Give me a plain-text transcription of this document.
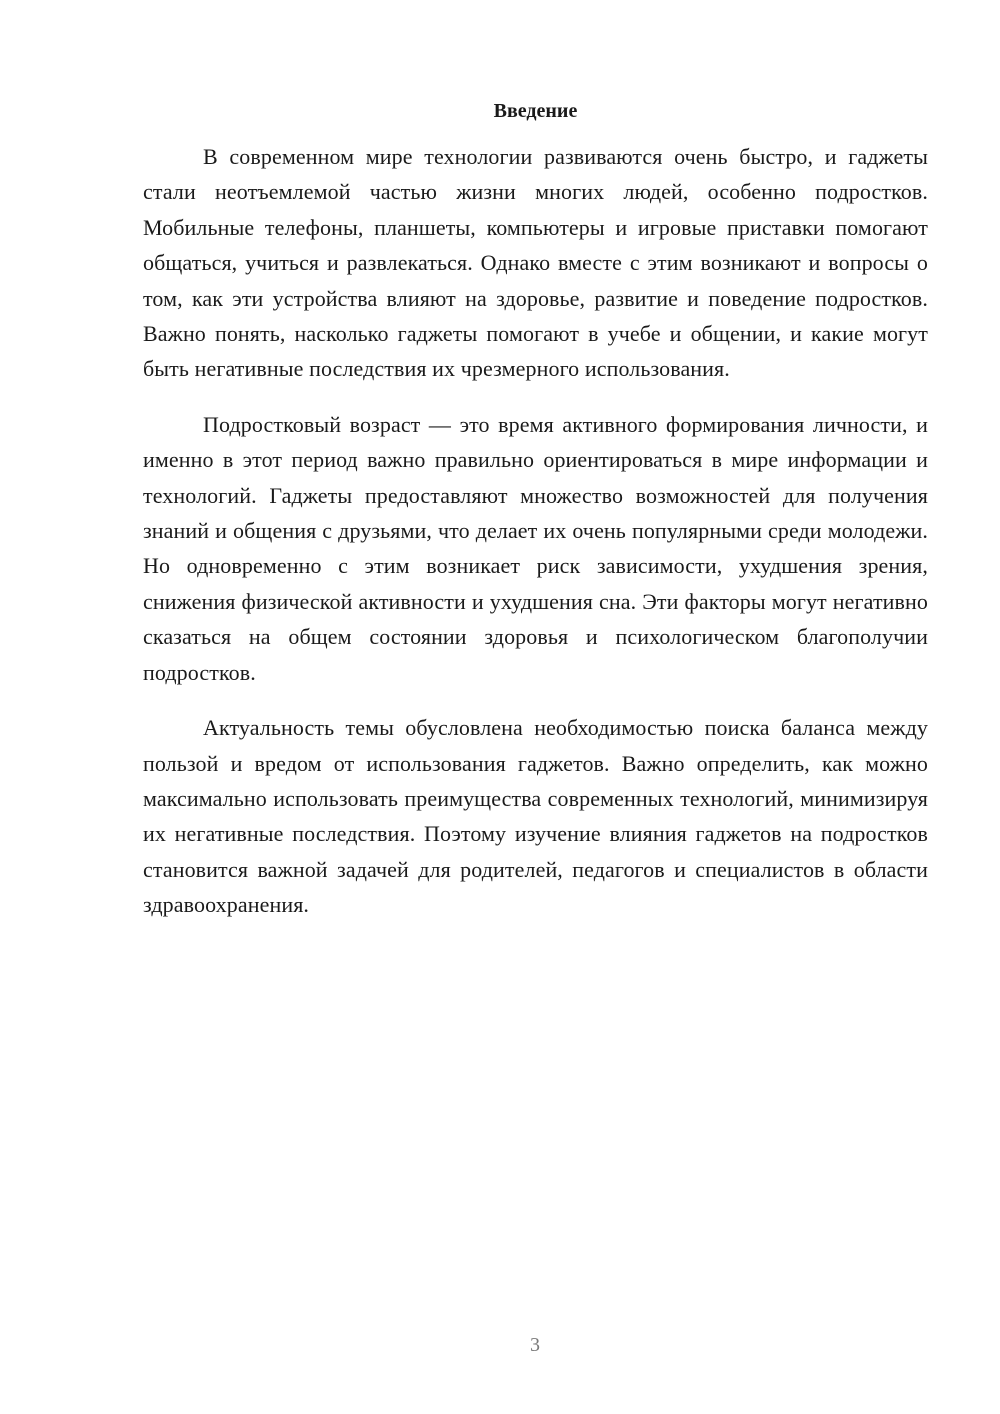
Введение

В современном мире технологии развиваются очень быстро, и гаджеты стали неотъемлемой частью жизни многих людей, особенно подростков. Мобильные телефоны, планшеты, компьютеры и игровые приставки помогают общаться, учиться и развлекаться. Однако вместе с этим возникают и вопросы о том, как эти устройства влияют на здоровье, развитие и поведение подростков. Важно понять, насколько гаджеты помогают в учебе и общении, и какие могут быть негативные последствия их чрезмерного использования.

Подростковый возраст — это время активного формирования личности, и именно в этот период важно правильно ориентироваться в мире информации и технологий. Гаджеты предоставляют множество возможностей для получения знаний и общения с друзьями, что делает их очень популярными среди молодежи. Но одновременно с этим возникает риск зависимости, ухудшения зрения, снижения физической активности и ухудшения сна. Эти факторы могут негативно сказаться на общем состоянии здоровья и психологическом благополучии подростков.

Актуальность темы обусловлена необходимостью поиска баланса между пользой и вредом от использования гаджетов. Важно определить, как можно максимально использовать преимущества современных технологий, минимизируя их негативные последствия. Поэтому изучение влияния гаджетов на подростков становится важной задачей для родителей, педагогов и специалистов в области здравоохранения.

3
